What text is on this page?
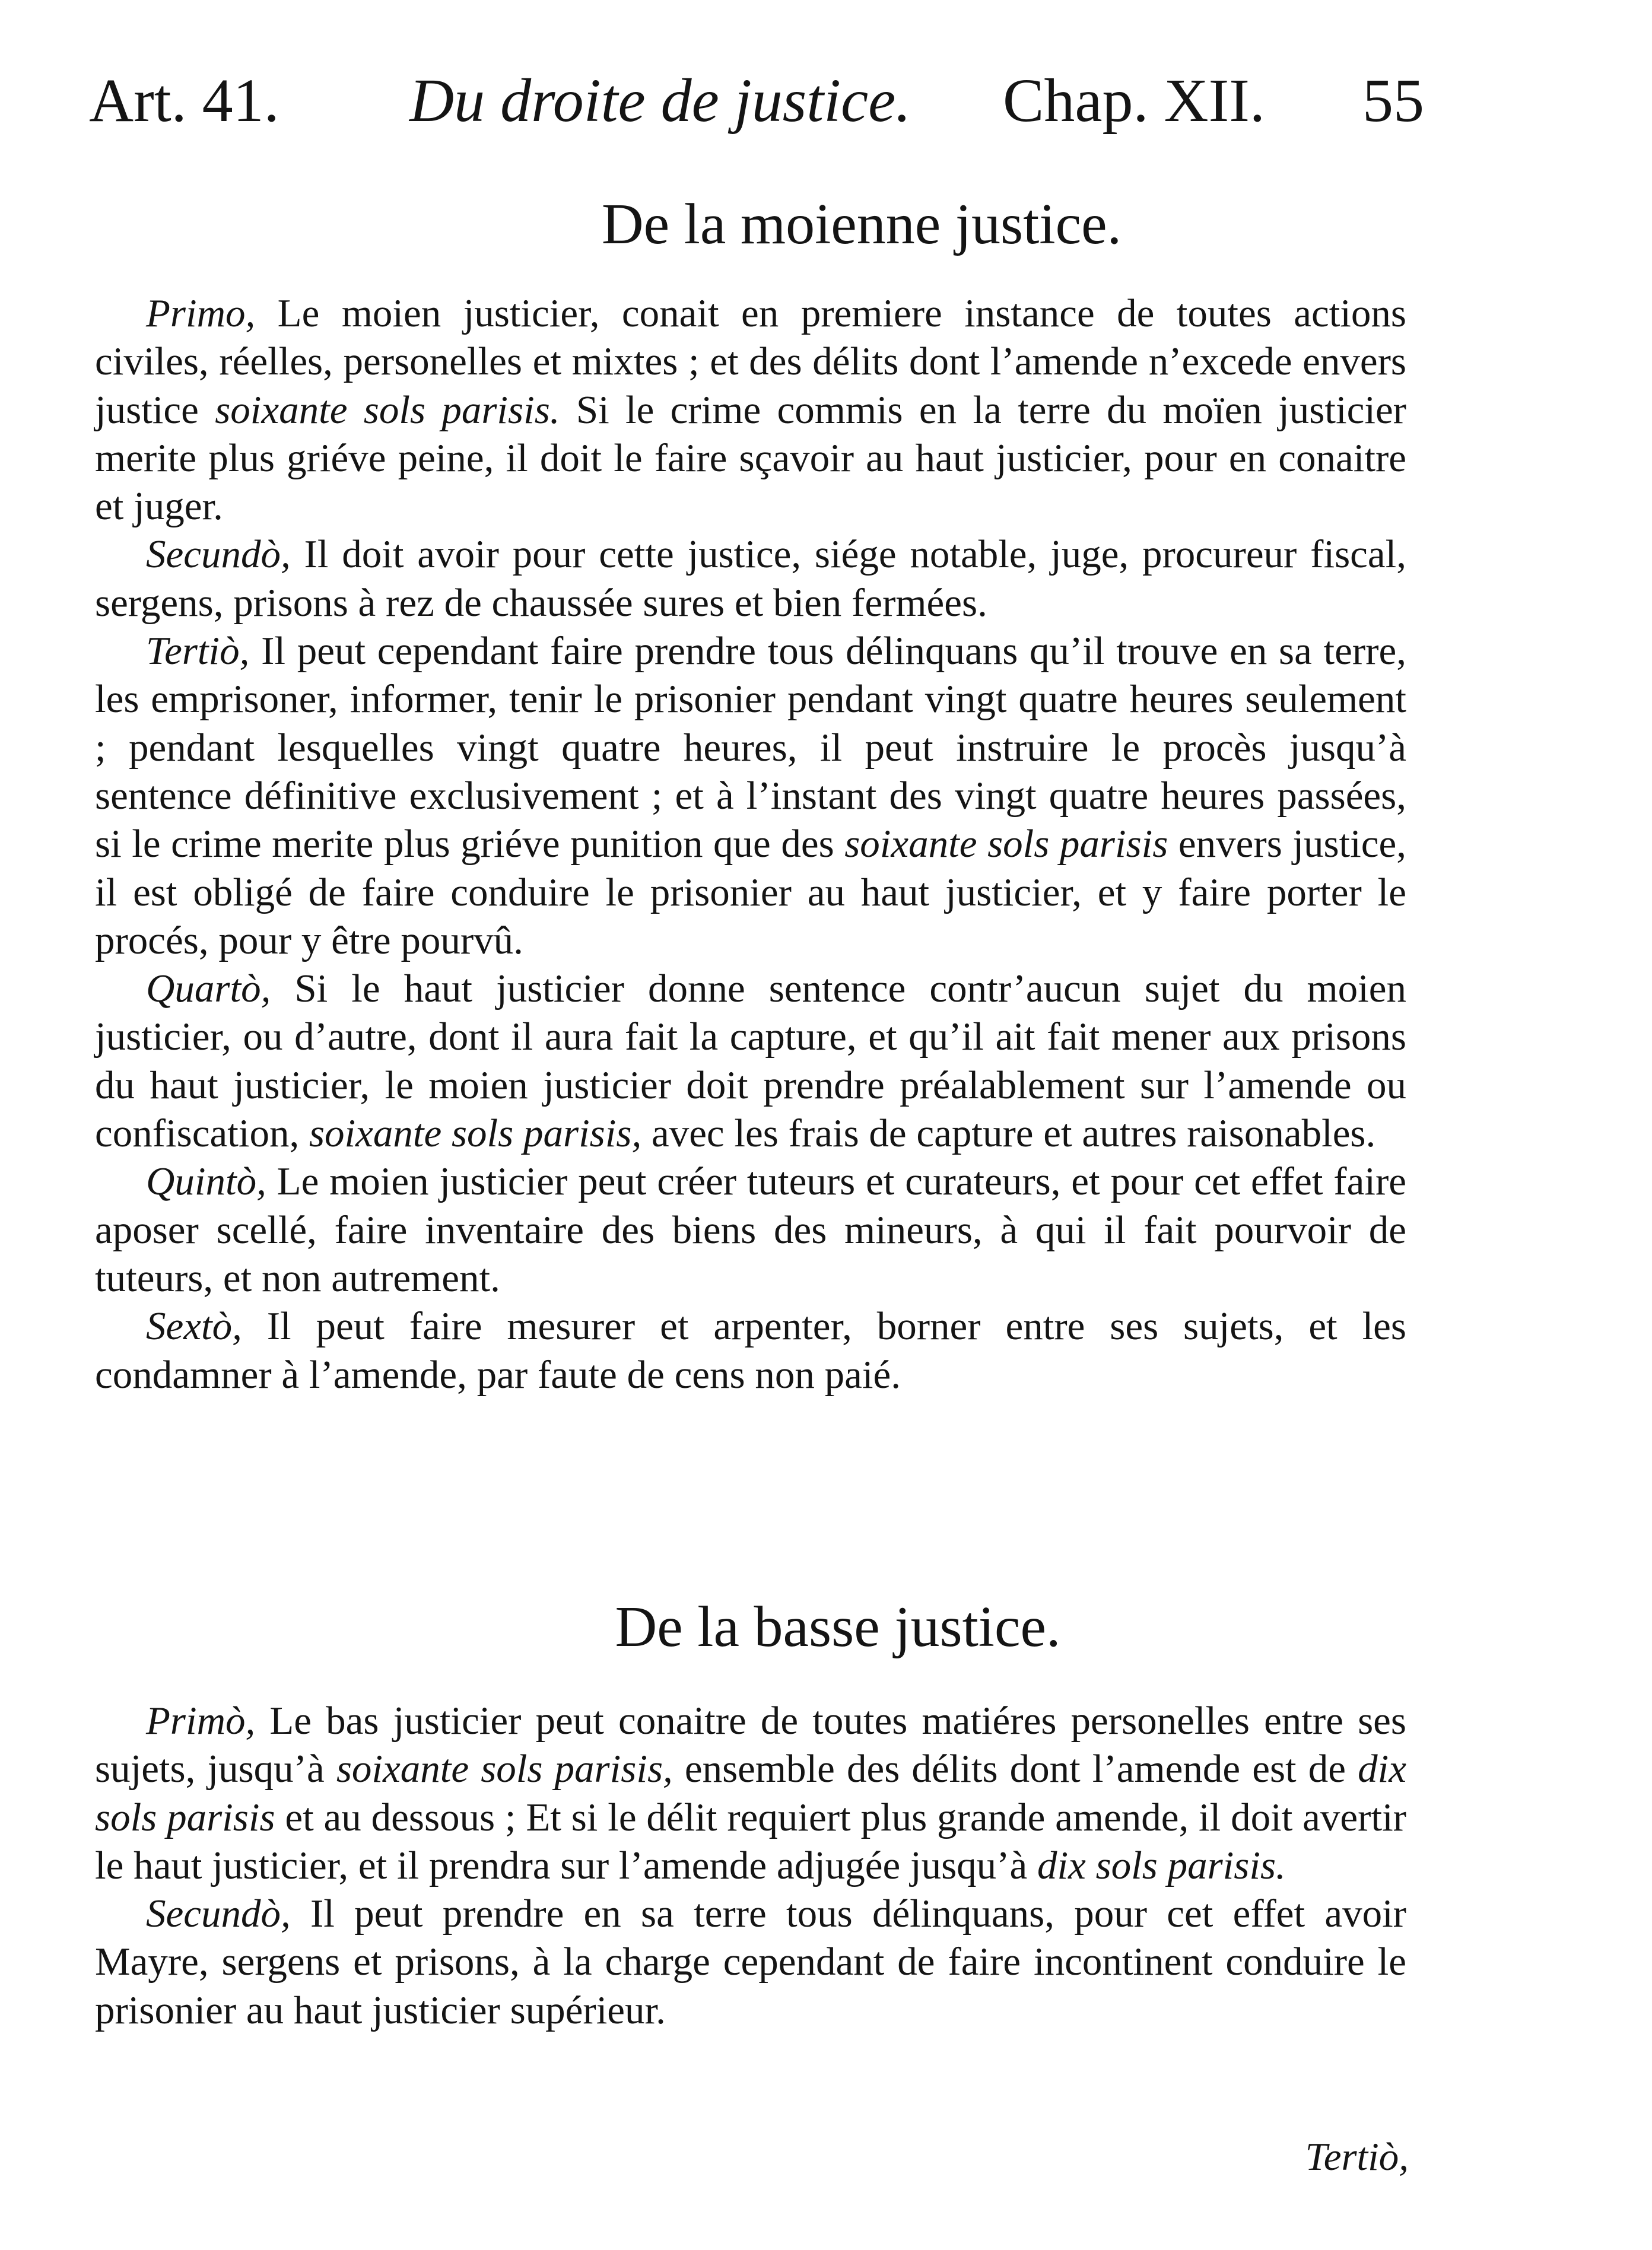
Art. 41. Du droite de justice. Chap. XII. 55
De la moienne justice.

Primo, Le moien justicier, conait en premiere instance de toutes actions civiles, réelles, personelles et mixtes ; et des délits dont l’amende n’excede envers justice soixante sols parisis. Si le crime commis en la terre du moïen justicier merite plus griéve peine, il doit le faire sçavoir au haut justicier, pour en conaitre et juger.

Secundò, Il doit avoir pour cette justice, siége notable, juge, procureur fiscal, sergens, prisons à rez de chaussée sures et bien fermées.

Tertiò, Il peut cependant faire prendre tous délinquans qu’il trouve en sa terre, les emprisoner, informer, tenir le prisonier pendant vingt quatre heures seulement ; pendant lesquelles vingt quatre heures, il peut instruire le procès jusqu’à sentence définitive exclusivement ; et à l’instant des vingt quatre heures passées, si le crime merite plus griéve punition que des soixante sols parisis envers justice, il est obligé de faire conduire le prisonier au haut justicier, et y faire porter le procés, pour y être pourvû.

Quartò, Si le haut justicier donne sentence contr’aucun sujet du moien justicier, ou d’autre, dont il aura fait la capture, et qu’il ait fait mener aux prisons du haut justicier, le moien justicier doit prendre préalablement sur l’amende ou confiscation, soixante sols parisis, avec les frais de capture et autres raisonables.

Quintò, Le moien justicier peut créer tuteurs et curateurs, et pour cet effet faire aposer scellé, faire inventaire des biens des mineurs, à qui il fait pourvoir de tuteurs, et non autrement.

Sextò, Il peut faire mesurer et arpenter, borner entre ses sujets, et les condamner à l’amende, par faute de cens non paié.

De la basse justice.

Primò, Le bas justicier peut conaitre de toutes matiéres personelles entre ses sujets, jusqu’à soixante sols parisis, ensemble des délits dont l’amende est de dix sols parisis et au dessous ; Et si le délit requiert plus grande amende, il doit avertir le haut justicier, et il prendra sur l’amende adjugée jusqu’à dix sols parisis.

Secundò, Il peut prendre en sa terre tous délinquans, pour cet effet avoir Mayre, sergens et prisons, à la charge cependant de faire incontinent conduire le prisonier au haut justicier supérieur.

Tertiò,
